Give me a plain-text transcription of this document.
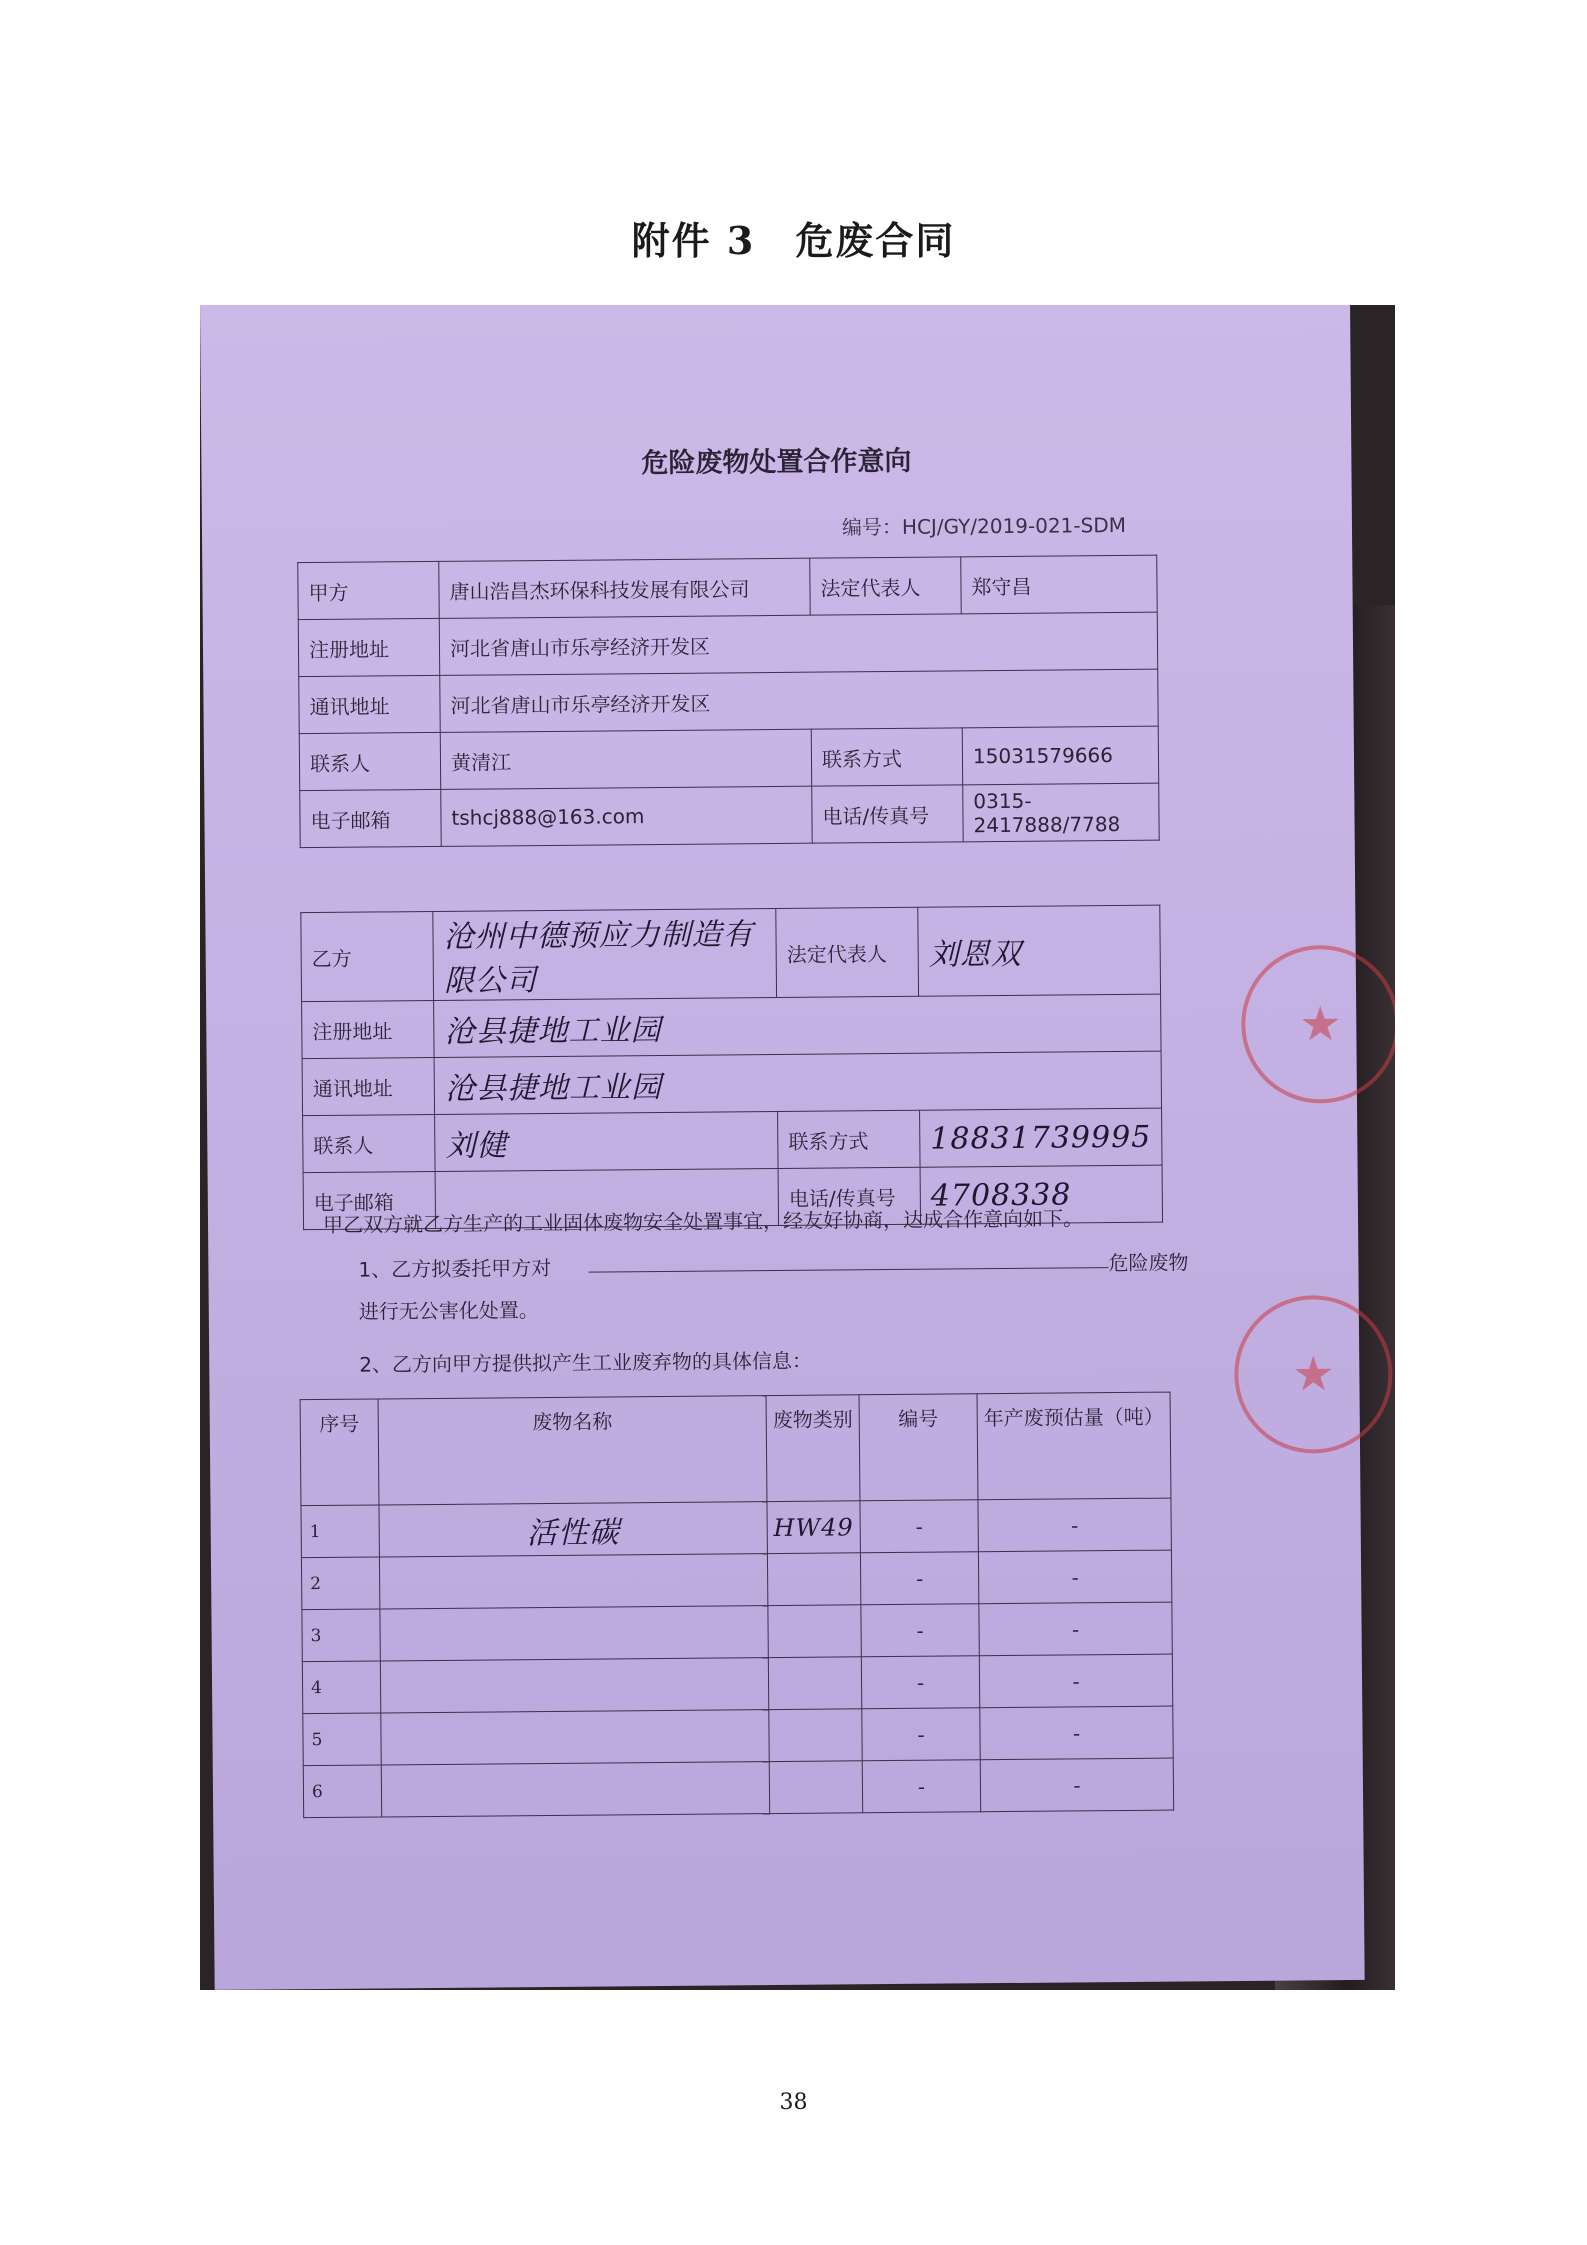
附件 3　危废合同
危险废物处置合作意向
编号：HCJ/GY/2019-021-SDM
甲方	唐山浩昌杰环保科技发展有限公司	法定代表人	郑守昌
注册地址	河北省唐山市乐亭经济开发区		
通讯地址	河北省唐山市乐亭经济开发区		
联系人	黄清江	联系方式	15031579666
电子邮箱	tshcj888@163.com	电话/传真号	0315-2417888/7788
乙方	沧州中德预应力制造有限公司	法定代表人	刘恩双
注册地址	沧县捷地工业园		
通讯地址	沧县捷地工业园		
联系人	刘健	联系方式	18831739995
电子邮箱		电话/传真号	4708338
甲乙双方就乙方生产的工业固体废物安全处置事宜，经友好协商，达成合作意向如下。
1、乙方拟委托甲方对	危险废物
进行无公害化处置。
2、乙方向甲方提供拟产生工业废弃物的具体信息：
序号	废物名称	废物类别	编号	年产废预估量（吨）
1	活性碳	HW49	-	-
2			-	-
3			-	-
4			-	-
5			-	-
6			-	-
★
★
38
